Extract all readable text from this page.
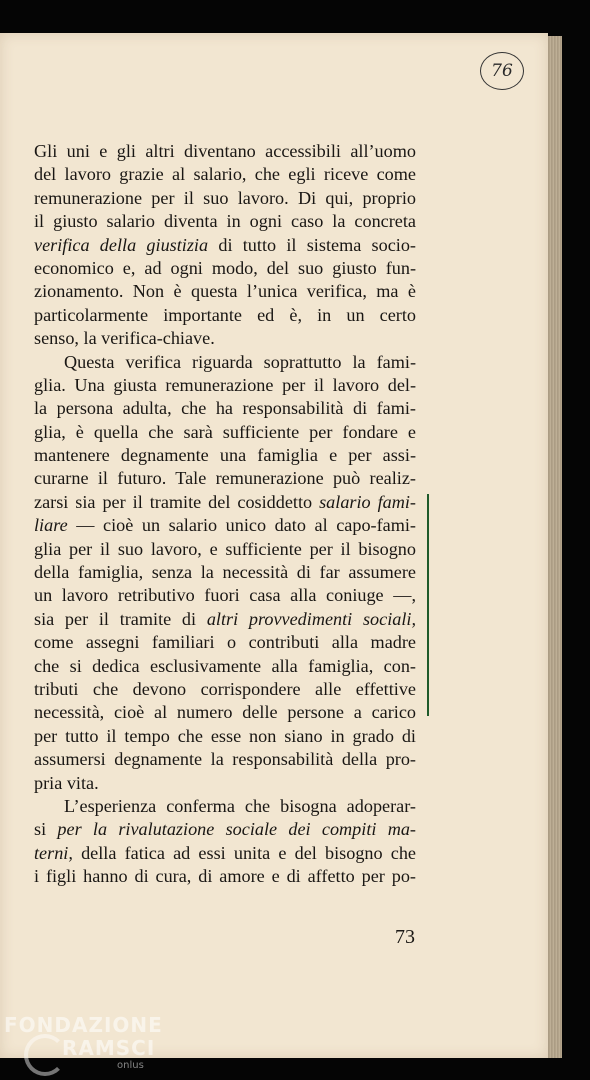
76
Gli uni e gli altri diventano accessibili all’uomo
del lavoro grazie al salario, che egli riceve come
remunerazione per il suo lavoro. Di qui, proprio
il giusto salario diventa in ogni caso la concreta
verifica della giustizia di tutto il sistema socio-
economico e, ad ogni modo, del suo giusto fun-
zionamento. Non è questa l’unica verifica, ma è
particolarmente importante ed è, in un certo
senso, la verifica-chiave.
Questa verifica riguarda soprattutto la fami-
glia. Una giusta remunerazione per il lavoro del-
la persona adulta, che ha responsabilità di fami-
glia, è quella che sarà sufficiente per fondare e
mantenere degnamente una famiglia e per assi-
curarne il futuro. Tale remunerazione può realiz-
zarsi sia per il tramite del cosiddetto salario fami-
liare — cioè un salario unico dato al capo-fami-
glia per il suo lavoro, e sufficiente per il bisogno
della famiglia, senza la necessità di far assumere
un lavoro retributivo fuori casa alla coniuge —,
sia per il tramite di altri provvedimenti sociali,
come assegni familiari o contributi alla madre
che si dedica esclusivamente alla famiglia, con-
tributi che devono corrispondere alle effettive
necessità, cioè al numero delle persone a carico
per tutto il tempo che esse non siano in grado di
assumersi degnamente la responsabilità della pro-
pria vita.
L’esperienza conferma che bisogna adoperar-
si per la rivalutazione sociale dei compiti ma-
terni, della fatica ad essi unita e del bisogno che
i figli hanno di cura, di amore e di affetto per po-
73
FONDAZIONE
RAMSCI
onlus
